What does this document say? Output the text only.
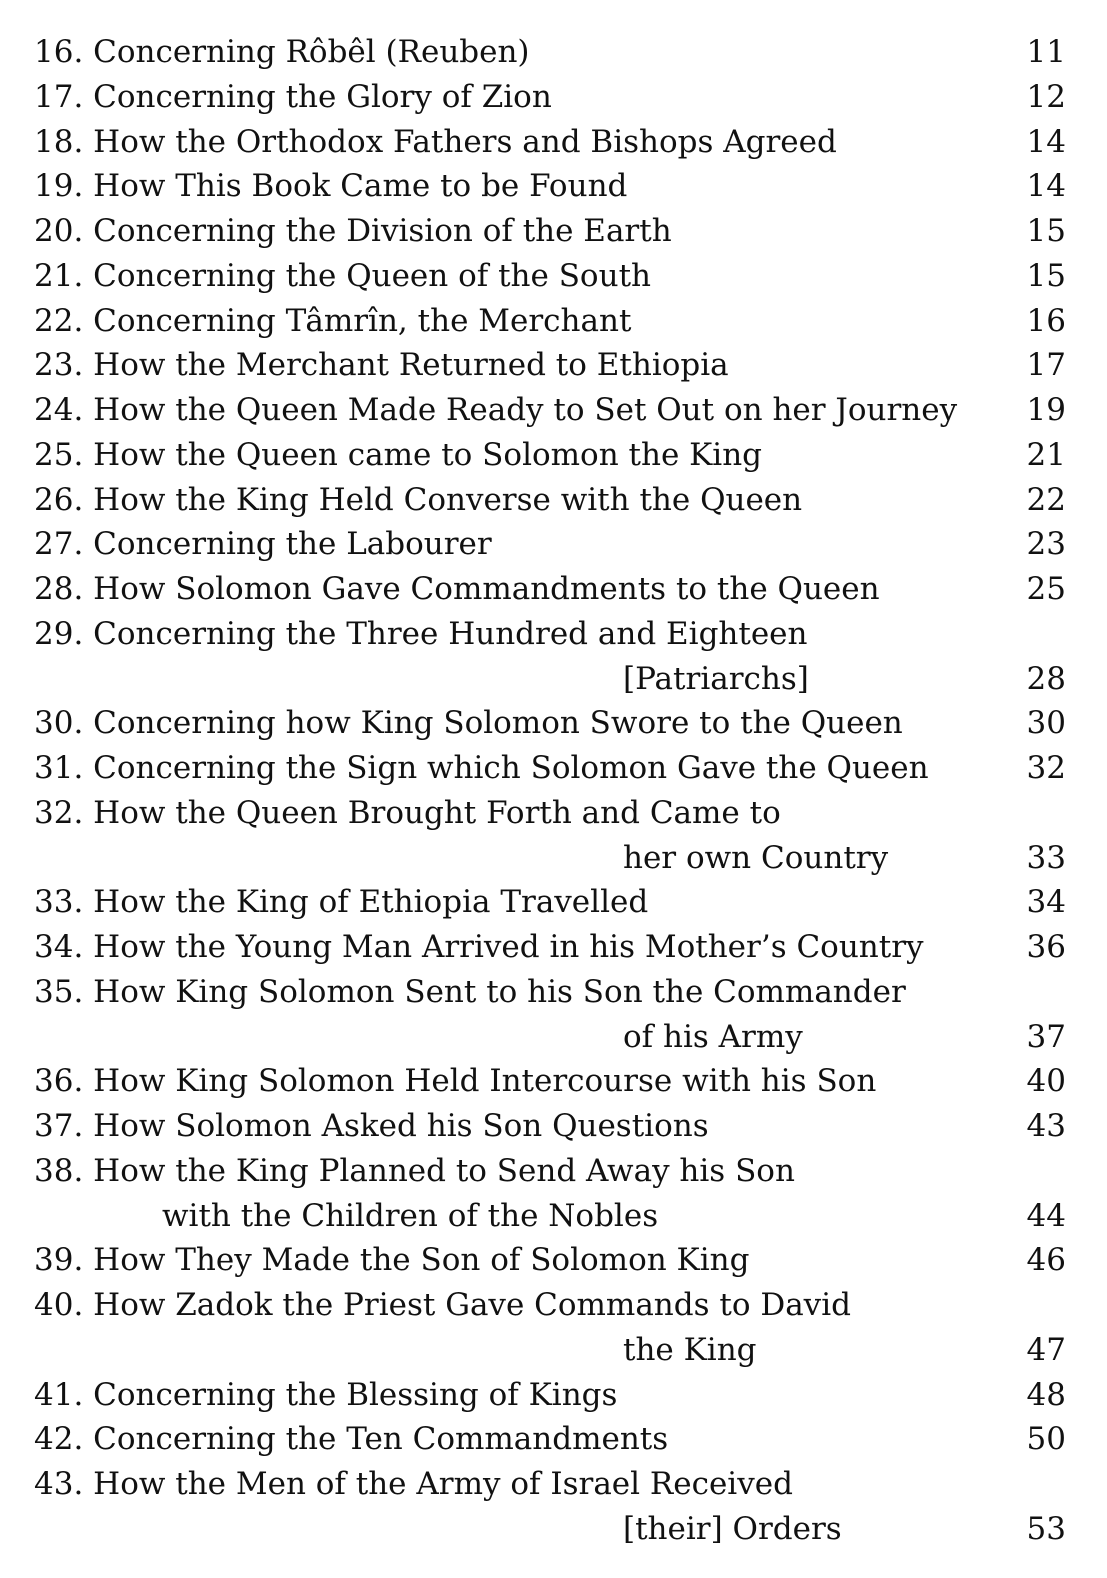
16. Concerning Rôbêl (Reuben)	11
17. Concerning the Glory of Zion	12
18. How the Orthodox Fathers and Bishops Agreed	14
19. How This Book Came to be Found	14
20. Concerning the Division of the Earth	15
21. Concerning the Queen of the South	15
22. Concerning Tâmrîn, the Merchant	16
23. How the Merchant Returned to Ethiopia	17
24. How the Queen Made Ready to Set Out on her Journey 19
25. How the Queen came to Solomon the King	21
26. How the King Held Converse with the Queen	22
27. Concerning the Labourer	23
28. How Solomon Gave Commandments to the Queen	25
29. Concerning the Three Hundred and Eighteen
[Patriarchs]	28
30. Concerning how King Solomon Swore to the Queen	30
31. Concerning the Sign which Solomon Gave the Queen	32
32. How the Queen Brought Forth and Came to
her own Country	33
33. How the King of Ethiopia Travelled	34
34. How the Young Man Arrived in his Mother’s Country	36
35. How King Solomon Sent to his Son the Commander
of his Army	37
36. How King Solomon Held Intercourse with his Son	40
37. How Solomon Asked his Son Questions	43
38. How the King Planned to Send Away his Son
with the Children of the Nobles	44
39. How They Made the Son of Solomon King	46
40. How Zadok the Priest Gave Commands to David
the King	47
41. Concerning the Blessing of Kings	48
42. Concerning the Ten Commandments	50
43. How the Men of the Army of Israel Received
[their] Orders	53
